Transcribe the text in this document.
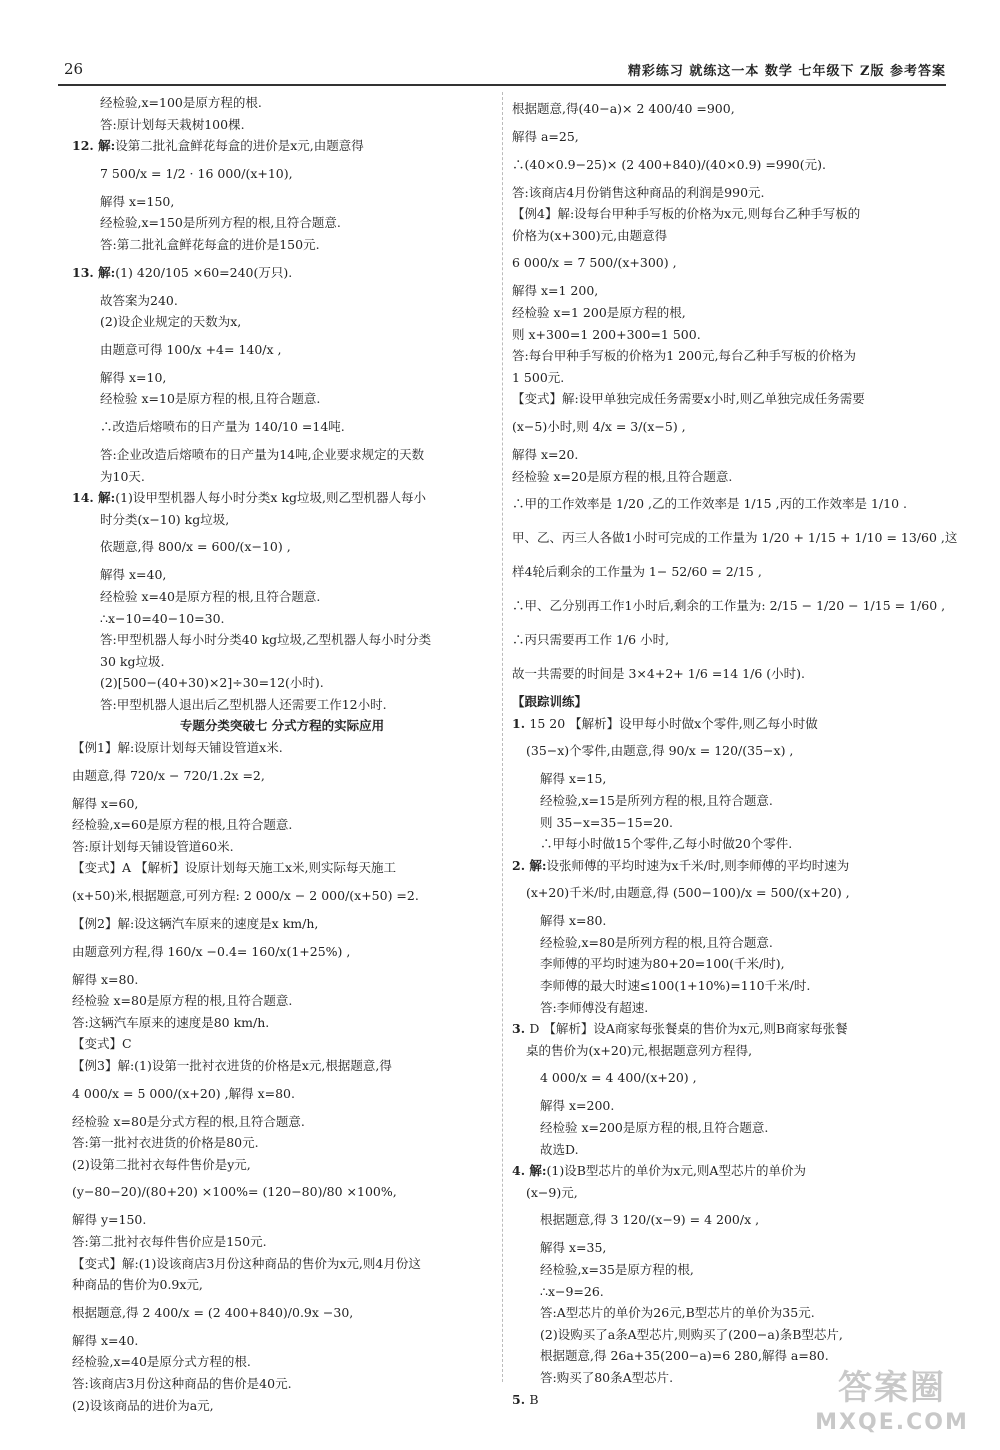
26	精彩练习 就练这一本 数学 七年级下 Z版 参考答案
经检验,x=100是原方程的根.
答:原计划每天栽树100棵.
12. 解:设第二批礼盒鲜花每盒的进价是x元,由题意得
7 500/x = 1/2 · 16 000/(x+10),
解得 x=150,
经检验,x=150是所列方程的根,且符合题意.
答:第二批礼盒鲜花每盒的进价是150元.
13. 解:(1) 420/105 ×60=240(万只).
故答案为240.
(2)设企业规定的天数为x,
由题意可得 100/x +4= 140/x ,
解得 x=10,
经检验 x=10是原方程的根,且符合题意.
∴改造后熔喷布的日产量为 140/10 =14吨.
答:企业改造后熔喷布的日产量为14吨,企业要求规定的天数
为10天.
14. 解:(1)设甲型机器人每小时分类x kg垃圾,则乙型机器人每小
时分类(x−10) kg垃圾,
依题意,得 800/x = 600/(x−10) ,
解得 x=40,
经检验 x=40是原方程的根,且符合题意.
∴x−10=40−10=30.
答:甲型机器人每小时分类40 kg垃圾,乙型机器人每小时分类
30 kg垃圾.
(2)[500−(40+30)×2]÷30=12(小时).
答:甲型机器人退出后乙型机器人还需要工作12小时.
专题分类突破七 分式方程的实际应用
【例1】解:设原计划每天铺设管道x米.
由题意,得 720/x − 720/1.2x =2,
解得 x=60,
经检验,x=60是原方程的根,且符合题意.
答:原计划每天铺设管道60米.
【变式】A 【解析】设原计划每天施工x米,则实际每天施工
(x+50)米,根据题意,可列方程: 2 000/x − 2 000/(x+50) =2.
【例2】解:设这辆汽车原来的速度是x km/h,
由题意列方程,得 160/x −0.4= 160/x(1+25%) ,
解得 x=80.
经检验 x=80是原方程的根,且符合题意.
答:这辆汽车原来的速度是80 km/h.
【变式】C
【例3】解:(1)设第一批衬衣进货的价格是x元,根据题意,得
4 000/x = 5 000/(x+20) ,解得 x=80.
经检验 x=80是分式方程的根,且符合题意.
答:第一批衬衣进货的价格是80元.
(2)设第二批衬衣每件售价是y元,
(y−80−20)/(80+20) ×100%= (120−80)/80 ×100%,
解得 y=150.
答:第二批衬衣每件售价应是150元.
【变式】解:(1)设该商店3月份这种商品的售价为x元,则4月份这
种商品的售价为0.9x元,
根据题意,得 2 400/x = (2 400+840)/0.9x −30,
解得 x=40.
经检验,x=40是原分式方程的根.
答:该商店3月份这种商品的售价是40元.
(2)设该商品的进价为a元,
根据题意,得(40−a)× 2 400/40 =900,
解得 a=25,
∴(40×0.9−25)× (2 400+840)/(40×0.9) =990(元).
答:该商店4月份销售这种商品的利润是990元.
【例4】解:设每台甲种手写板的价格为x元,则每台乙种手写板的
价格为(x+300)元,由题意得
6 000/x = 7 500/(x+300) ,
解得 x=1 200,
经检验 x=1 200是原方程的根,
则 x+300=1 200+300=1 500.
答:每台甲种手写板的价格为1 200元,每台乙种手写板的价格为
1 500元.
【变式】解:设甲单独完成任务需要x小时,则乙单独完成任务需要
(x−5)小时,则 4/x = 3/(x−5) ,
解得 x=20.
经检验 x=20是原方程的根,且符合题意.
∴甲的工作效率是 1/20 ,乙的工作效率是 1/15 ,丙的工作效率是 1/10 .
甲、乙、丙三人各做1小时可完成的工作量为 1/20 + 1/15 + 1/10 = 13/60 ,这
样4轮后剩余的工作量为 1− 52/60 = 2/15 ,
∴甲、乙分别再工作1小时后,剩余的工作量为: 2/15 − 1/20 − 1/15 = 1/60 ,
∴丙只需要再工作 1/6 小时,
故一共需要的时间是 3×4+2+ 1/6 =14 1/6 (小时).
【跟踪训练】
1. 15 20 【解析】设甲每小时做x个零件,则乙每小时做
(35−x)个零件,由题意,得 90/x = 120/(35−x) ,
解得 x=15,
经检验,x=15是所列方程的根,且符合题意.
则 35−x=35−15=20.
∴甲每小时做15个零件,乙每小时做20个零件.
2. 解:设张师傅的平均时速为x千米/时,则李师傅的平均时速为
(x+20)千米/时,由题意,得 (500−100)/x = 500/(x+20) ,
解得 x=80.
经检验,x=80是所列方程的根,且符合题意.
李师傅的平均时速为80+20=100(千米/时),
李师傅的最大时速≤100(1+10%)=110千米/时.
答:李师傅没有超速.
3. D 【解析】设A商家每张餐桌的售价为x元,则B商家每张餐
桌的售价为(x+20)元,根据题意列方程得,
4 000/x = 4 400/(x+20) ,
解得 x=200.
经检验 x=200是原方程的根,且符合题意.
故选D.
4. 解:(1)设B型芯片的单价为x元,则A型芯片的单价为
(x−9)元,
根据题意,得 3 120/(x−9) = 4 200/x ,
解得 x=35,
经检验,x=35是原方程的根,
∴x−9=26.
答:A型芯片的单价为26元,B型芯片的单价为35元.
(2)设购买了a条A型芯片,则购买了(200−a)条B型芯片,
根据题意,得 26a+35(200−a)=6 280,解得 a=80.
答:购买了80条A型芯片.
5. B	答案圈
MXQE.COM
